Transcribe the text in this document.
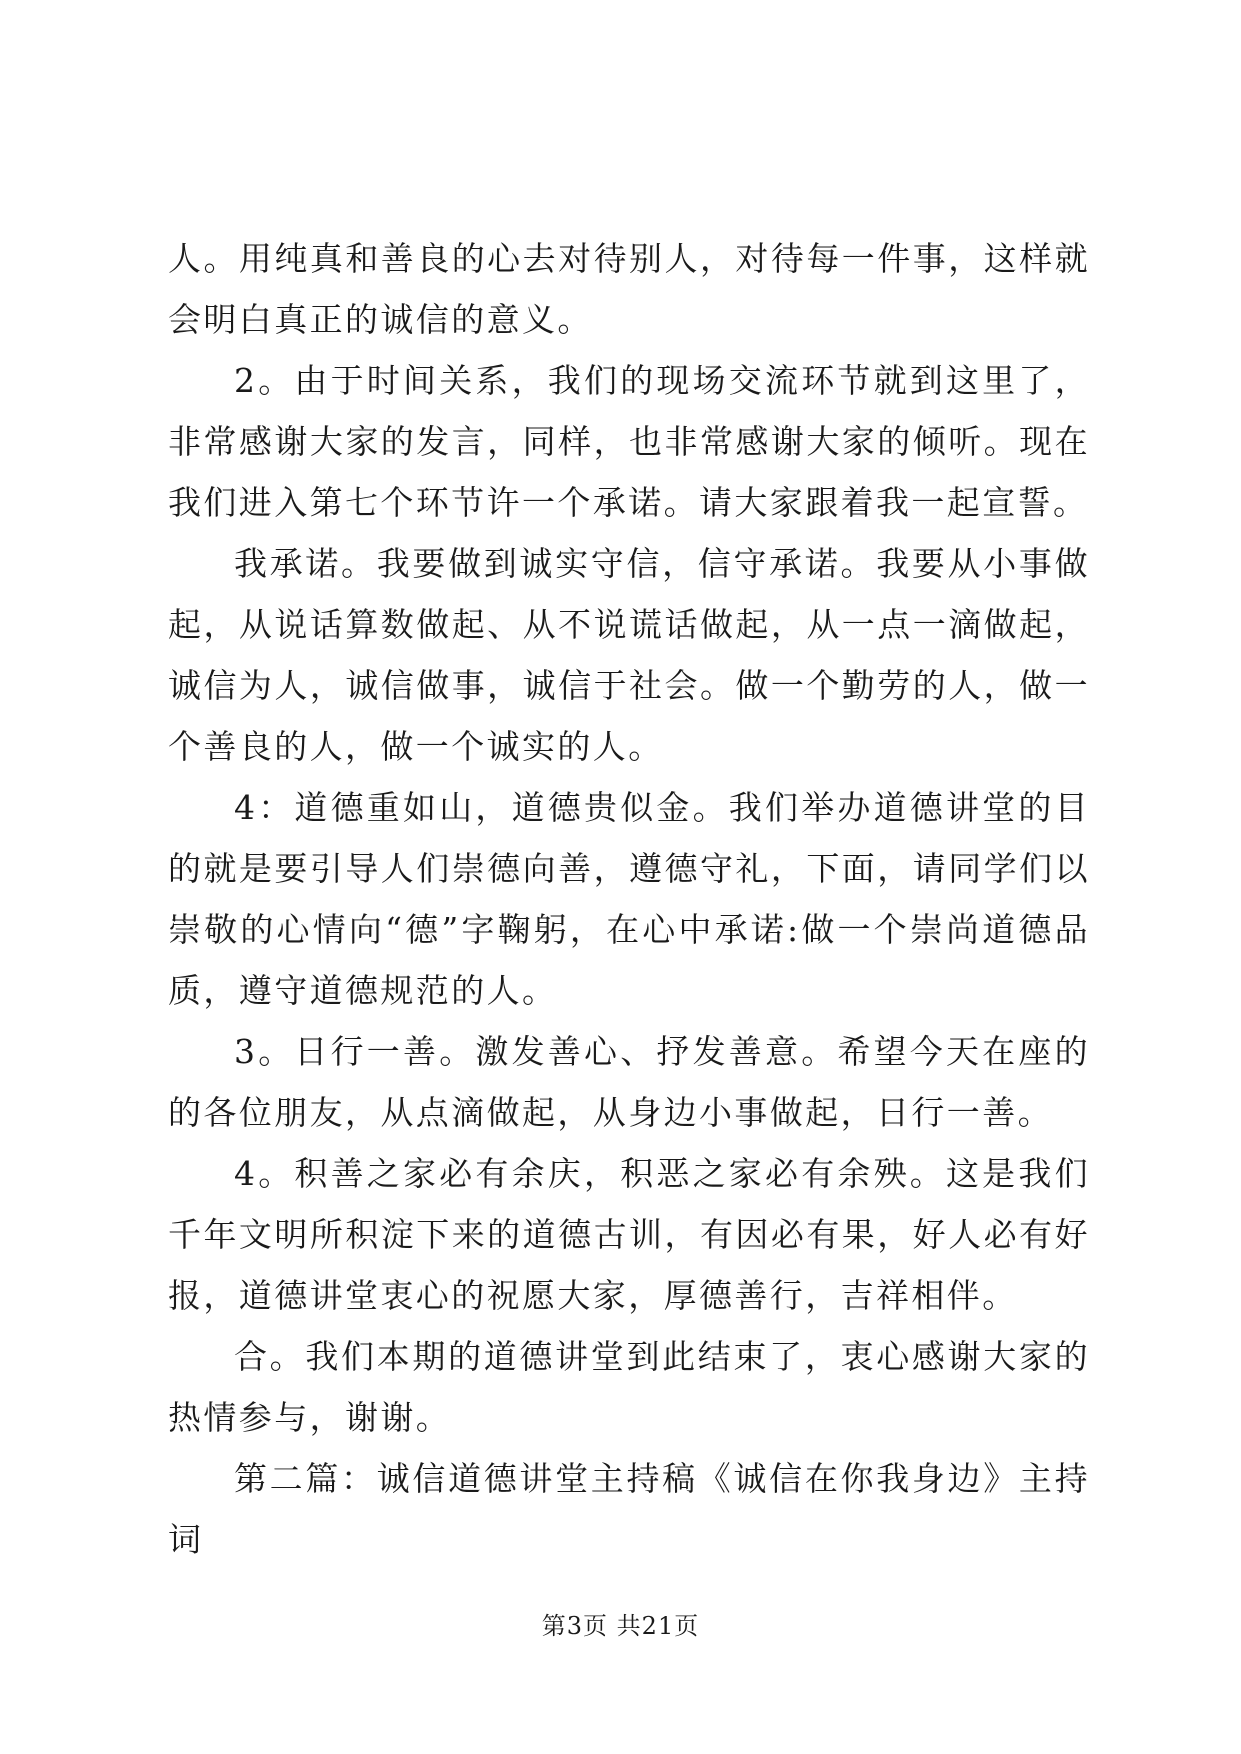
人。用纯真和善良的心去对待别人，对待每一件事，这样就会明白真正的诚信的意义。

2。由于时间关系，我们的现场交流环节就到这里了，非常感谢大家的发言，同样，也非常感谢大家的倾听。现在我们进入第七个环节许一个承诺。请大家跟着我一起宣誓。

我承诺。我要做到诚实守信，信守承诺。我要从小事做起，从说话算数做起、从不说谎话做起，从一点一滴做起，诚信为人，诚信做事，诚信于社会。做一个勤劳的人，做一个善良的人，做一个诚实的人。

4：道德重如山，道德贵似金。我们举办道德讲堂的目的就是要引导人们崇德向善，遵德守礼，下面，请同学们以崇敬的心情向“德”字鞠躬，在心中承诺:做一个崇尚道德品质，遵守道德规范的人。

3。日行一善。激发善心、抒发善意。希望今天在座的的各位朋友，从点滴做起，从身边小事做起，日行一善。

4。积善之家必有余庆，积恶之家必有余殃。这是我们千年文明所积淀下来的道德古训，有因必有果，好人必有好报，道德讲堂衷心的祝愿大家，厚德善行，吉祥相伴。

合。我们本期的道德讲堂到此结束了，衷心感谢大家的热情参与，谢谢。

第二篇：诚信道德讲堂主持稿《诚信在你我身边》主持词

第3页 共21页
